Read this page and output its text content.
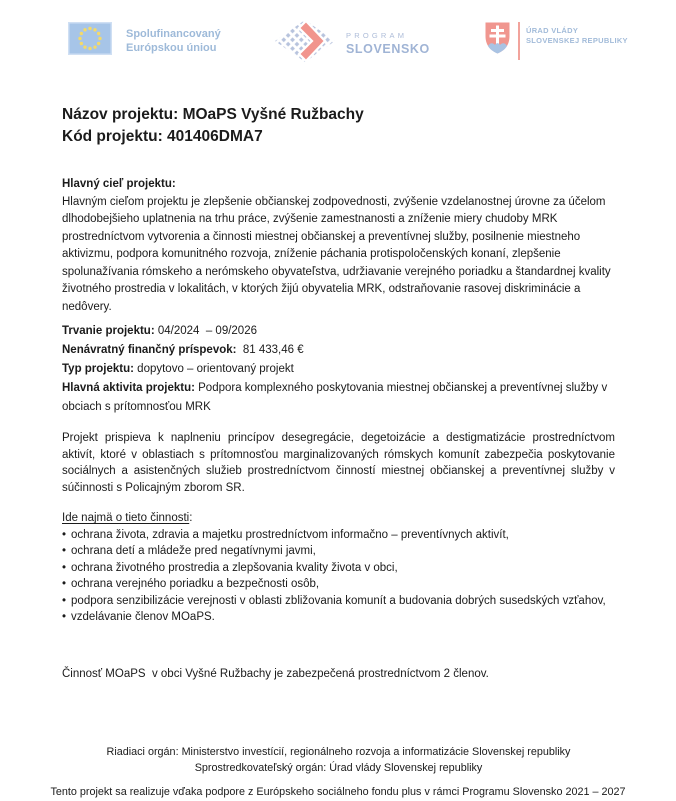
Spolufinancovaný
Európskou úniou
PROGRAM
SLOVENSKO
ÚRAD VLÁDY
SLOVENSKEJ REPUBLIKY
Názov projektu: MOaPS Vyšné Ružbachy
Kód projektu: 401406DMA7
Hlavný cieľ projektu:
Hlavným cieľom projektu je zlepšenie občianskej zodpovednosti, zvýšenie vzdelanostnej úrovne za účelom dlhodobejšieho uplatnenia na trhu práce, zvýšenie zamestnanosti a zníženie miery chudoby MRK prostredníctvom vytvorenia a činnosti miestnej občianskej a preventívnej služby, posilnenie miestneho aktivizmu, podpora komunitného rozvoja, zníženie páchania protispoločenských konaní, zlepšenie spolunažívania rómskeho a nerómskeho obyvateľstva, udržiavanie verejného poriadku a štandardnej kvality životného prostredia v lokalitách, v ktorých žijú obyvatelia MRK, odstraňovanie rasovej diskriminácie a nedôvery.
Trvanie projektu: 04/2024  – 09/2026
Nenávratný finančný príspevok:  81 433,46 €
Typ projektu: dopytovo – orientovaný projekt
Hlavná aktivita projektu: Podpora komplexného poskytovania miestnej občianskej a preventívnej služby v obciach s prítomnosťou MRK
Projekt prispieva k naplneniu princípov desegregácie, degetoizácie a destigmatizácie prostredníctvom aktivít, ktoré v oblastiach s prítomnosťou marginalizovaných rómskych komunít zabezpečia poskytovanie sociálnych a asistenčných služieb prostredníctvom činností miestnej občianskej a preventívnej služby v súčinnosti s Policajným zborom SR.
Ide najmä o tieto činnosti:
• ochrana života, zdravia a majetku prostredníctvom informačno – preventívnych aktivít,
• ochrana detí a mládeže pred negatívnymi javmi,
• ochrana životného prostredia a zlepšovania kvality života v obci,
• ochrana verejného poriadku a bezpečnosti osôb,
• podpora senzibilizácie verejnosti v oblasti zbližovania komunít a budovania dobrých susedských vzťahov,
• vzdelávanie členov MOaPS.
Činnosť MOaPS  v obci Vyšné Ružbachy je zabezpečená prostredníctvom 2 členov.
Riadiaci orgán: Ministerstvo investícií, regionálneho rozvoja a informatizácie Slovenskej republiky
Sprostredkovateľský orgán: Úrad vlády Slovenskej republiky
Tento projekt sa realizuje vďaka podpore z Európskeho sociálneho fondu plus v rámci Programu Slovensko 2021 – 2027
